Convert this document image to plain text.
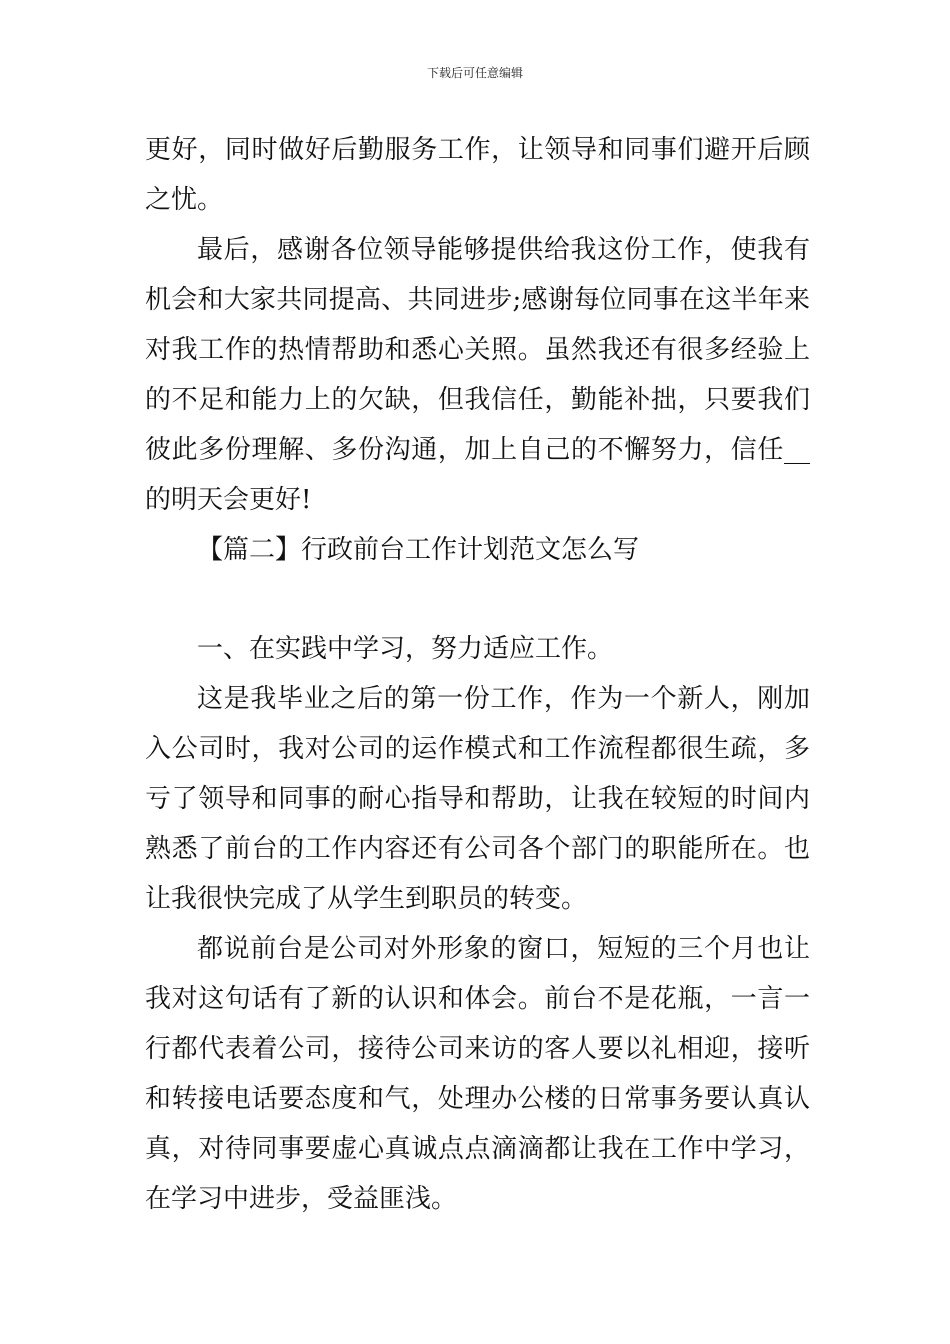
下载后可任意编辑
更好，同时做好后勤服务工作，让领导和同事们避开后顾
之忧。
最后，感谢各位领导能够提供给我这份工作，使我有
机会和大家共同提高、共同进步;感谢每位同事在这半年来
对我工作的热情帮助和悉心关照。虽然我还有很多经验上
的不足和能力上的欠缺，但我信任，勤能补拙，只要我们
彼此多份理解、多份沟通，加上自己的不懈努力，信任__
的明天会更好!
【篇二】行政前台工作计划范文怎么写
一、在实践中学习，努力适应工作。
这是我毕业之后的第一份工作，作为一个新人，刚加
入公司时，我对公司的运作模式和工作流程都很生疏，多
亏了领导和同事的耐心指导和帮助，让我在较短的时间内
熟悉了前台的工作内容还有公司各个部门的职能所在。也
让我很快完成了从学生到职员的转变。
都说前台是公司对外形象的窗口，短短的三个月也让
我对这句话有了新的认识和体会。前台不是花瓶，一言一
行都代表着公司，接待公司来访的客人要以礼相迎，接听
和转接电话要态度和气，处理办公楼的日常事务要认真认
真，对待同事要虚心真诚点点滴滴都让我在工作中学习，
在学习中进步，受益匪浅。
